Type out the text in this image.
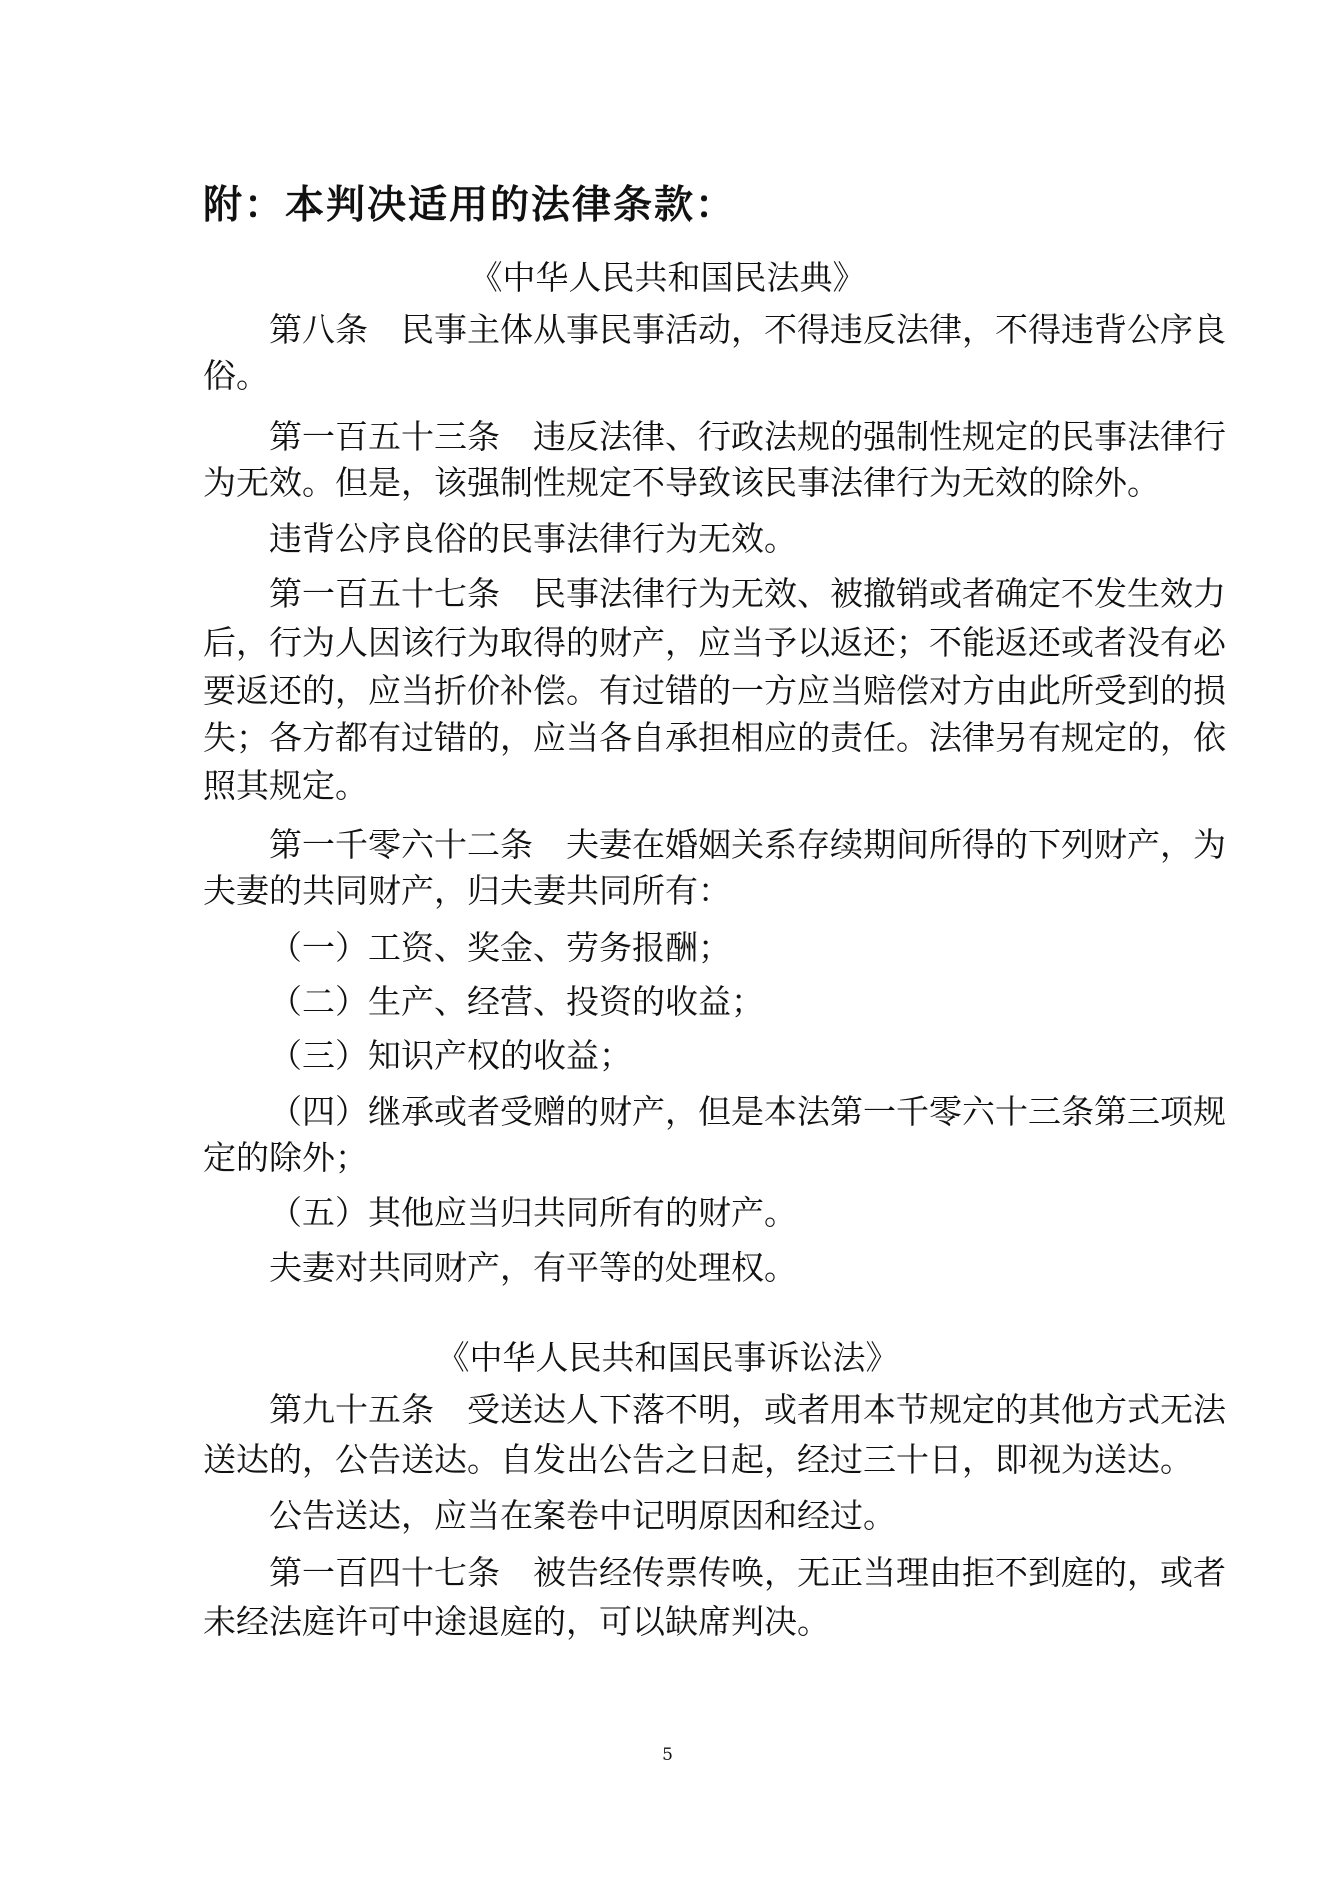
附：本判决适用的法律条款：
《中华人民共和国民法典》
第八条　民事主体从事民事活动，不得违反法律，不得违背公序良
俗。
第一百五十三条　违反法律、行政法规的强制性规定的民事法律行
为无效。但是，该强制性规定不导致该民事法律行为无效的除外。
违背公序良俗的民事法律行为无效。
第一百五十七条　民事法律行为无效、被撤销或者确定不发生效力
后，行为人因该行为取得的财产，应当予以返还；不能返还或者没有必
要返还的，应当折价补偿。有过错的一方应当赔偿对方由此所受到的损
失；各方都有过错的，应当各自承担相应的责任。法律另有规定的，依
照其规定。
第一千零六十二条　夫妻在婚姻关系存续期间所得的下列财产，为
夫妻的共同财产，归夫妻共同所有：
（一）工资、奖金、劳务报酬；
（二）生产、经营、投资的收益；
（三）知识产权的收益；
（四）继承或者受赠的财产，但是本法第一千零六十三条第三项规
定的除外；
（五）其他应当归共同所有的财产。
夫妻对共同财产，有平等的处理权。
《中华人民共和国民事诉讼法》
第九十五条　受送达人下落不明，或者用本节规定的其他方式无法
送达的，公告送达。自发出公告之日起，经过三十日，即视为送达。
公告送达，应当在案卷中记明原因和经过。
第一百四十七条　被告经传票传唤，无正当理由拒不到庭的，或者
未经法庭许可中途退庭的，可以缺席判决。
5
